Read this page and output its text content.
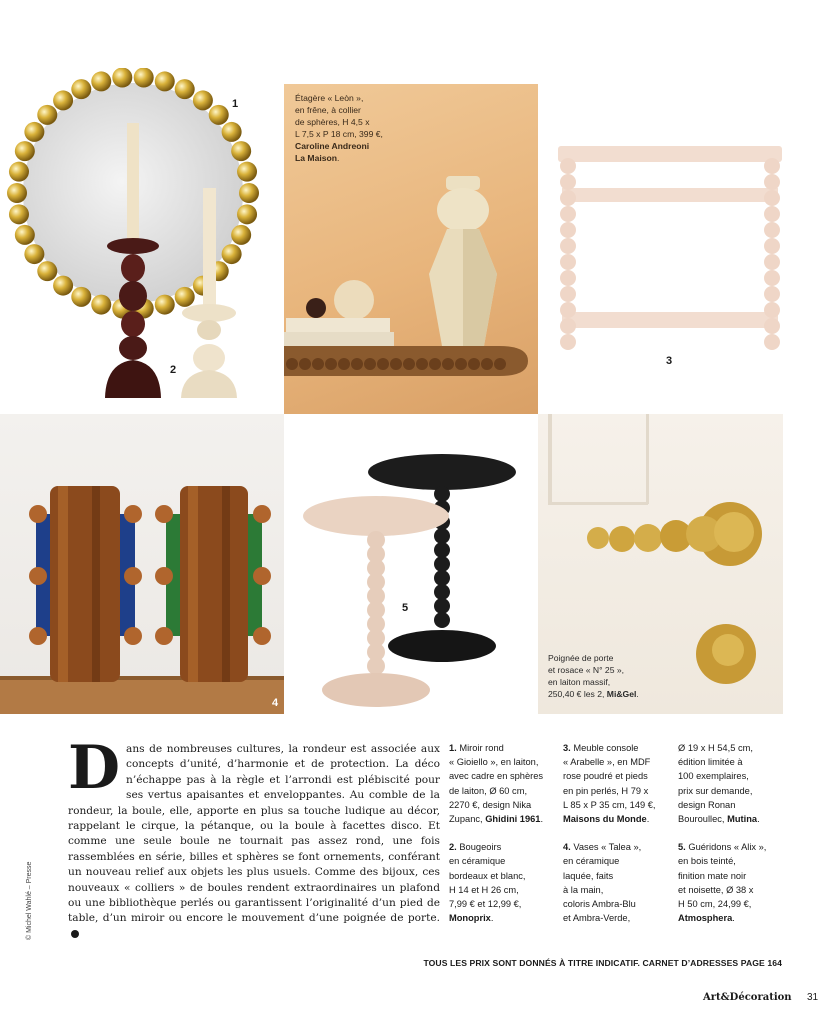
1
2
Étagère « Leòn »,
en frêne, à collier
de sphères, H 4,5 x
L 7,5 x P 18 cm, 399 €,
Caroline Andreoni
La Maison.
3
4
5
Poignée de porte
et rosace « N° 25 »,
en laiton massif,
250,40 € les 2, Mi&Gel.
© Michel Wahlé – Presse
Dans de nombreuses cultures, la rondeur est associée aux concepts d’unité, d’harmonie et de protection. La déco n’échappe pas à la règle et l’arrondi est plébiscité pour ses vertus apaisantes et enveloppantes. Au comble de la rondeur, la boule, elle, apporte en plus sa touche ludique au décor, rappelant le cirque, la pétanque, ou la boule à facettes disco. Et comme une seule boule ne tournait pas assez rond, une fois rassemblées en série, billes et sphères se font ornements, conférant un nouveau relief aux objets les plus usuels. Comme des bijoux, ces nouveaux « colliers » de boules rendent extraordinaires un plafond ou une bibliothèque perlés ou garantissent l’originalité d’un pied de table, d’un miroir ou encore le mouvement d’une poignée de porte.

1. Miroir rond
« Gioiello », en laiton,
avec cadre en sphères
de laiton, Ø 60 cm,
2270 €, design Nika
Zupanc, Ghidini 1961.

2. Bougeoirs
en céramique
bordeaux et blanc,
H 14 et H 26 cm,
7,99 € et 12,99 €,
Monoprix.

3. Meuble console
« Arabelle », en MDF
rose poudré et pieds
en pin perlés, H 79 x
L 85 x P 35 cm, 149 €,
Maisons du Monde.

4. Vases « Talea »,
en céramique
laquée, faits
à la main,
coloris Ambra-Blu
et Ambra-Verde,

Ø 19 x H 54,5 cm,
édition limitée à
100 exemplaires,
prix sur demande,
design Ronan
Bouroullec, Mutina.

5. Guéridons « Alix »,
en bois teinté,
finition mate noir
et noisette, Ø 38 x
H 50 cm, 24,99 €,
Atmosphera.

TOUS LES PRIX SONT DONNÉS À TITRE INDICATIF. CARNET D’ADRESSES PAGE 164
Art&Décoration 31
